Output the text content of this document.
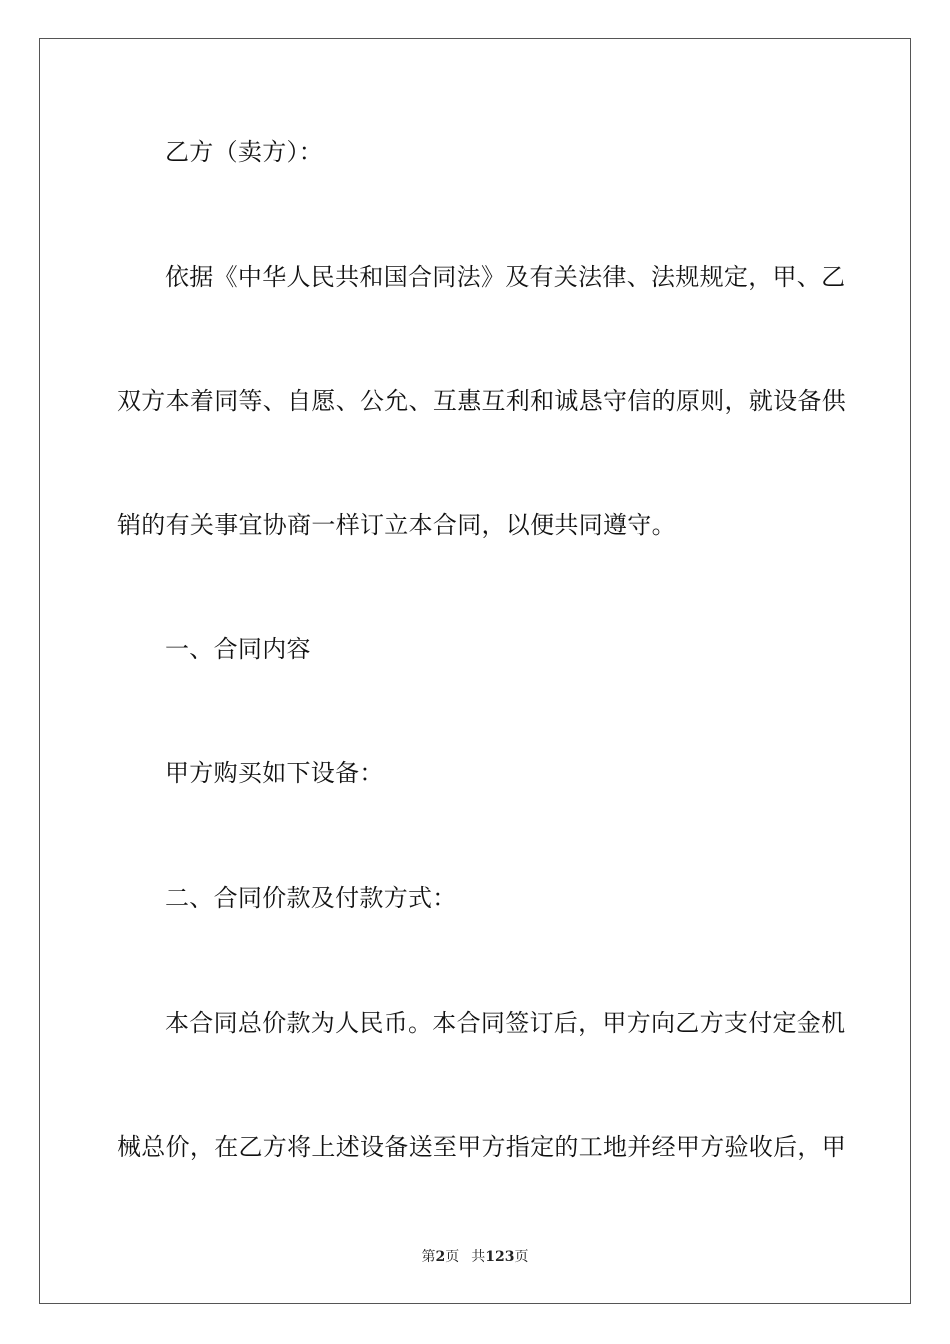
乙方（卖方）：
依据《中华人民共和国合同法》及有关法律、法规规定，甲、乙
双方本着同等、自愿、公允、互惠互利和诚恳守信的原则，就设备供
销的有关事宜协商一样订立本合同，以便共同遵守。
一、合同内容
甲方购买如下设备：
二、合同价款及付款方式：
本合同总价款为人民币。本合同签订后，甲方向乙方支付定金机
械总价，在乙方将上述设备送至甲方指定的工地并经甲方验收后，甲
第2页 共123页
